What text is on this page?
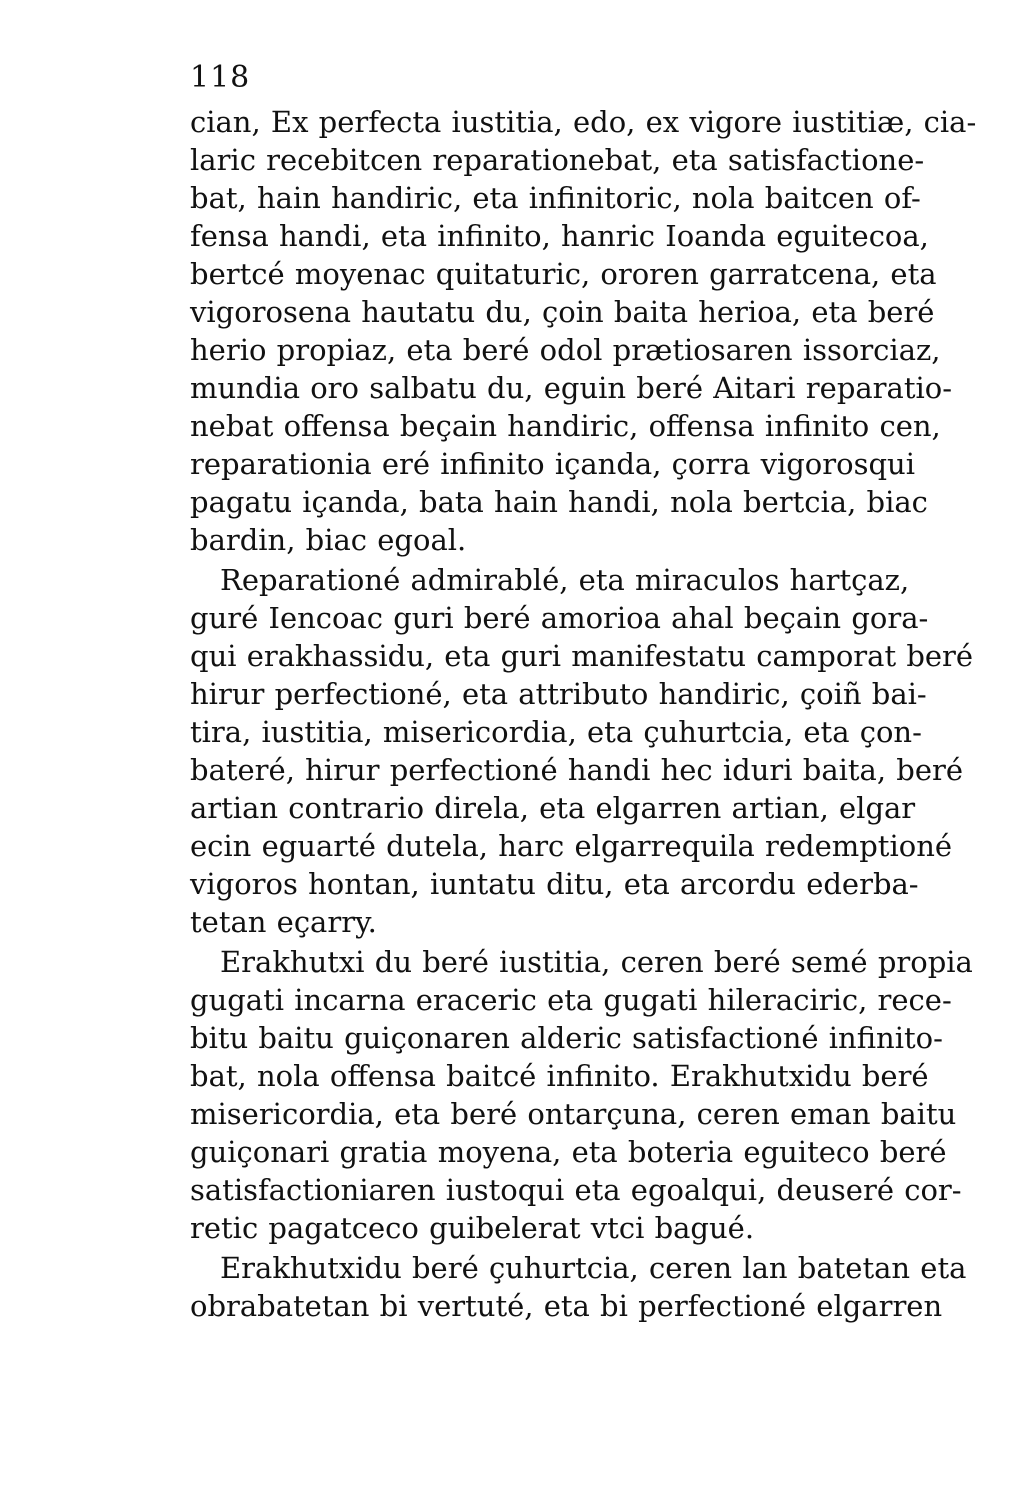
118
cian, Ex perfecta iustitia, edo, ex vigore iustitiæ, cia-
laric recebitcen reparationebat, eta satisfactione-
bat, hain handiric, eta infinitoric, nola baitcen of-
fensa handi, eta infinito, hanric Ioanda eguitecoa,
bertcé moyenac quitaturic, ororen garratcena, eta
vigorosena hautatu du, çoin baita herioa, eta beré
herio propiaz, eta beré odol prætiosaren issorciaz,
mundia oro salbatu du, eguin beré Aitari reparatio-
nebat offensa beçain handiric, offensa infinito cen,
reparationia eré infinito içanda, çorra vigorosqui
pagatu içanda, bata hain handi, nola bertcia, biac
bardin, biac egoal.
Reparationé admirablé, eta miraculos hartçaz,
guré Iencoac guri beré amorioa ahal beçain gora-
qui erakhassidu, eta guri manifestatu camporat beré
hirur perfectioné, eta attributo handiric, çoiñ bai-
tira, iustitia, misericordia, eta çuhurtcia, eta çon-
bateré, hirur perfectioné handi hec iduri baita, beré
artian contrario direla, eta elgarren artian, elgar
ecin eguarté dutela, harc elgarrequila redemptioné
vigoros hontan, iuntatu ditu, eta arcordu ederba-
tetan eçarry.
Erakhutxi du beré iustitia, ceren beré semé propia
gugati incarna eraceric eta gugati hileraciric, rece-
bitu baitu guiçonaren alderic satisfactioné infinito-
bat, nola offensa baitcé infinito. Erakhutxidu beré
misericordia, eta beré ontarçuna, ceren eman baitu
guiçonari gratia moyena, eta boteria eguiteco beré
satisfactioniaren iustoqui eta egoalqui, deuseré cor-
retic pagatceco guibelerat vtci bagué.
Erakhutxidu beré çuhurtcia, ceren lan batetan eta
obrabatetan bi vertuté, eta bi perfectioné elgarren
